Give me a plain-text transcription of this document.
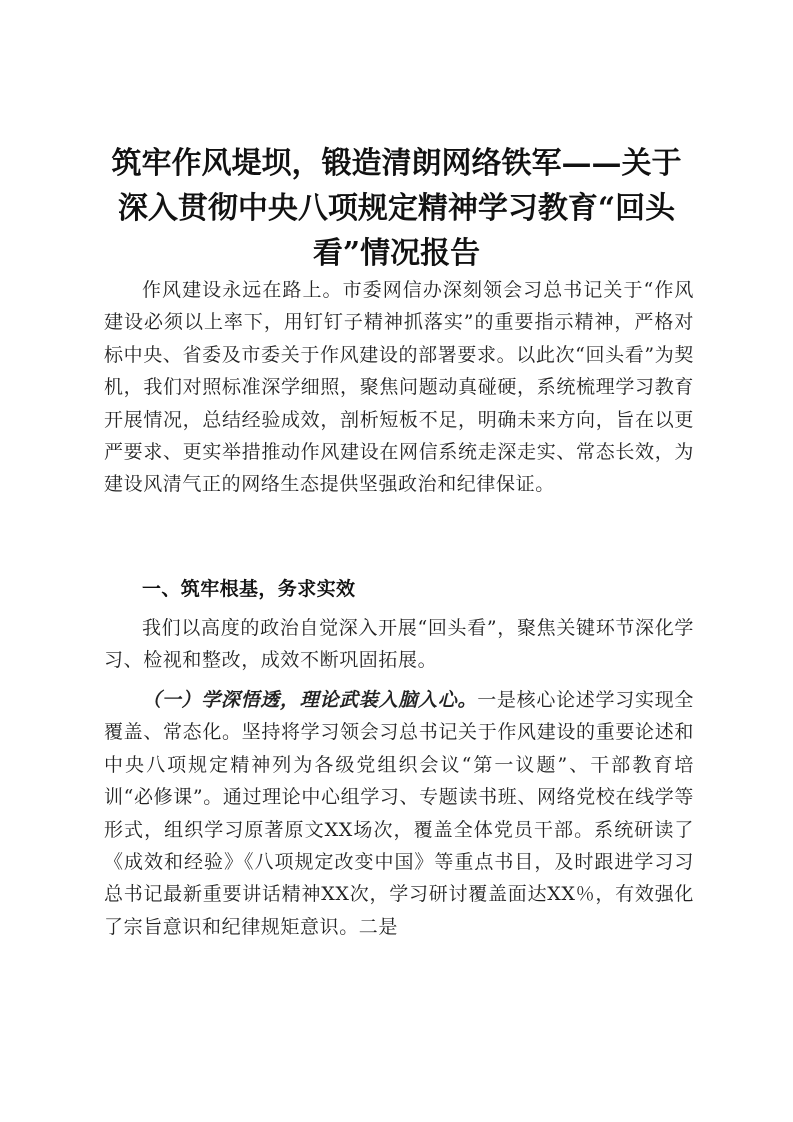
筑牢作风堤坝，锻造清朗网络铁军——关于深入贯彻中央八项规定精神学习教育“回头看”情况报告

作风建设永远在路上。市委网信办深刻领会习总书记关于“作风建设必须以上率下，用钉钉子精神抓落实”的重要指示精神，严格对标中央、省委及市委关于作风建设的部署要求。以此次“回头看”为契机，我们对照标准深学细照，聚焦问题动真碰硬，系统梳理学习教育开展情况，总结经验成效，剖析短板不足，明确未来方向，旨在以更严要求、更实举措推动作风建设在网信系统走深走实、常态长效，为建设风清气正的网络生态提供坚强政治和纪律保证。

一、筑牢根基，务求实效

我们以高度的政治自觉深入开展“回头看”，聚焦关键环节深化学习、检视和整改，成效不断巩固拓展。

（一）学深悟透，理论武装入脑入心。一是核心论述学习实现全覆盖、常态化。坚持将学习领会习总书记关于作风建设的重要论述和中央八项规定精神列为各级党组织会议“第一议题”、干部教育培训“必修课”。通过理论中心组学习、专题读书班、网络党校在线学等形式，组织学习原著原文XX场次，覆盖全体党员干部。系统研读了《成效和经验》《八项规定改变中国》等重点书目，及时跟进学习习总书记最新重要讲话精神XX次，学习研讨覆盖面达XX％，有效强化了宗旨意识和纪律规矩意识。二是
